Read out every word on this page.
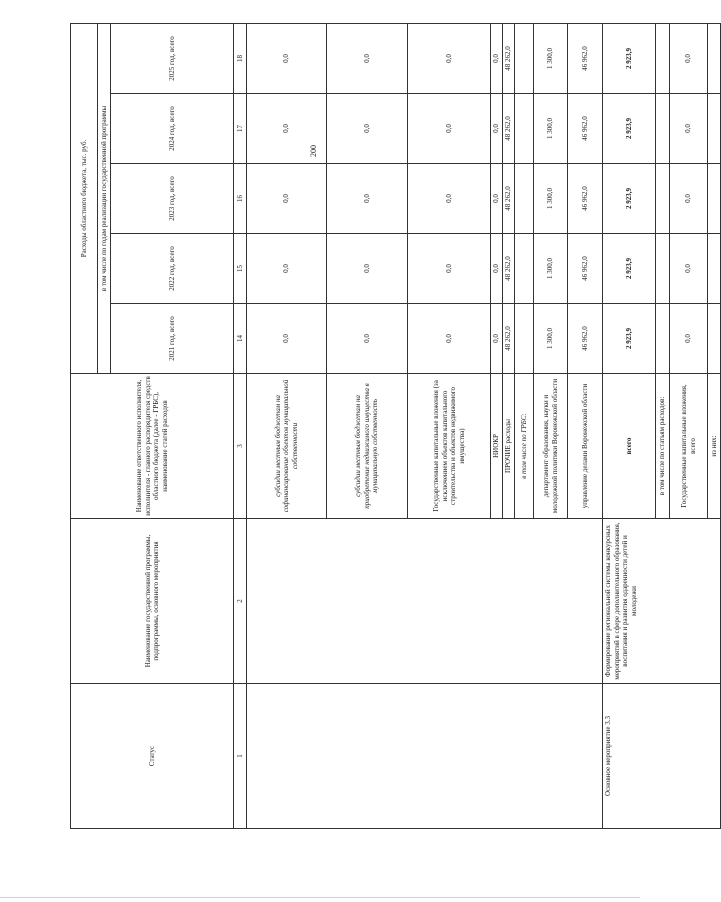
200
Статус	Наименование государственной программы, подпрограммы, основного мероприятия	Наименование ответственного исполнителя, исполнителя - главного распорядителя средств областного бюджета (далее - ГРБС), наименование статей расходов	Расходы областного бюджета, тыс. руб.				
			в том числе по годам реализации государственной программы				
			2021 год, всего	2022 год, всего	2023 год, всего	2024 год, всего	2025 год, всего
1	2	3	14	15	16	17	18
		субсидии местным бюджетам на софинансирование объектов муниципальной собственности	0,0	0,0	0,0	0,0	0,0
		субсидии местным бюджетам на приобретение недвижимого имущества в муниципальную собственность	0,0	0,0	0,0	0,0	0,0
		Государственные капитальные вложения (за исключением объектов капитального строительства и объектов недвижимого имущества)	0,0	0,0	0,0	0,0	0,0
		НИОКР	0,0	0,0	0,0	0,0	0,0
		ПРОЧИЕ расходы	48 262,0	48 262,0	48 262,0	48 262,0	48 262,0
		в том числе по ГРБС:					
		департамент образования, науки и молодежной политики Воронежской области	1 300,0	1 300,0	1 300,0	1 300,0	1 300,0
		управление делами Воронежской области	46 962,0	46 962,0	46 962,0	46 962,0	46 962,0
Основное мероприятие 3.3	Формирование региональной системы конкурсных мероприятий в сфере дополнительного образования, воспитания и развития одаренности детей и молодежи	всего	2 923,9	2 923,9	2 923,9	2 923,9	2 923,9
		в том числе по статьям расходов:					
		Государственные капитальные вложения, всего	0,0	0,0	0,0	0,0	0,0
		из них:					
